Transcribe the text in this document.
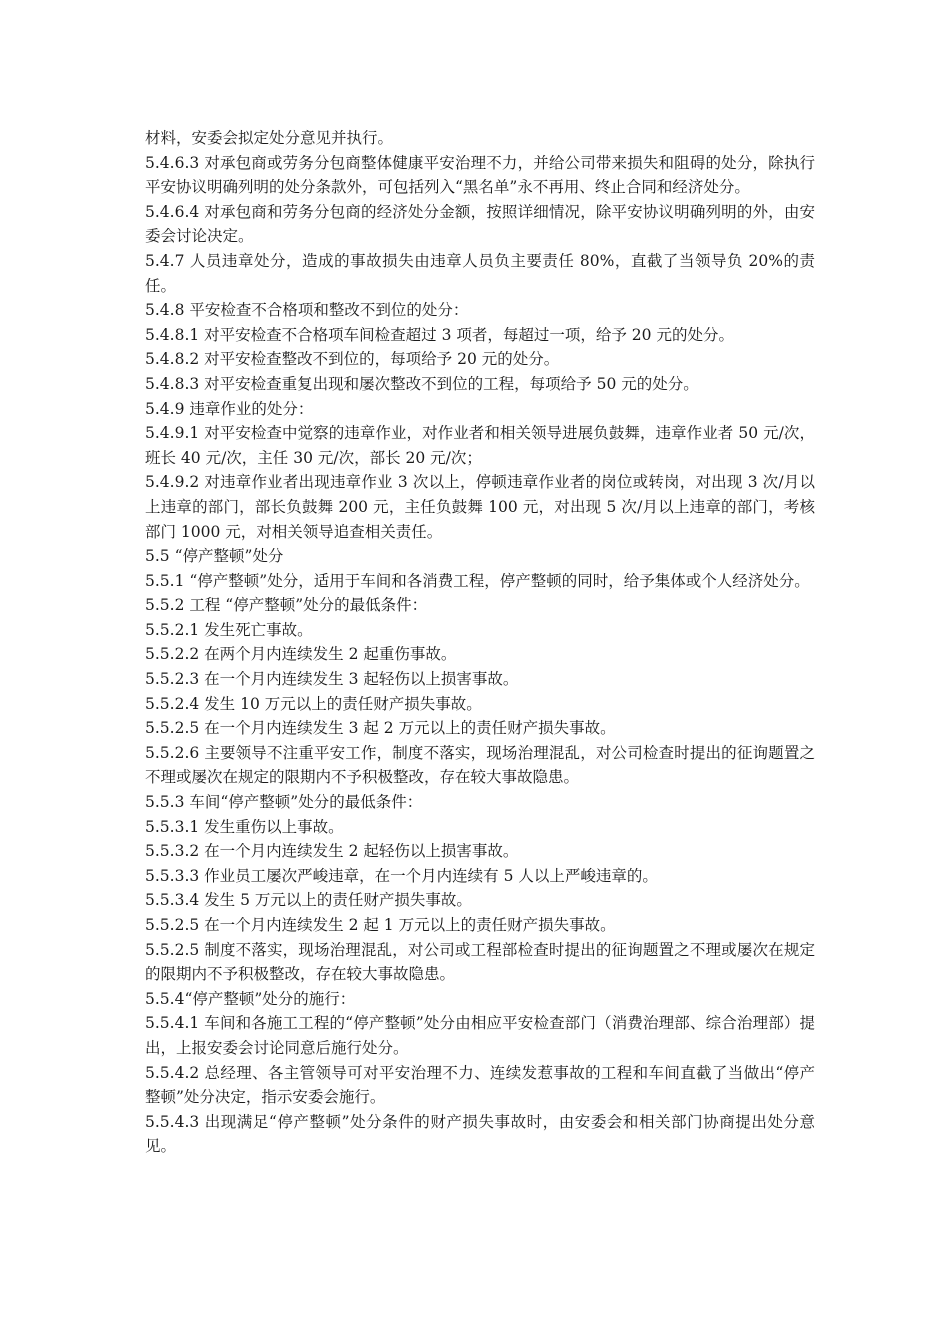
材料，安委会拟定处分意见并执行。

5.4.6.3 对承包商或劳务分包商整体健康平安治理不力，并给公司带来损失和阻碍的处分，除执行平安协议明确列明的处分条款外，可包括列入“黑名单”永不再用、终止合同和经济处分。

5.4.6.4 对承包商和劳务分包商的经济处分金额，按照详细情况，除平安协议明确列明的外，由安委会讨论决定。

5.4.7 人员违章处分，造成的事故损失由违章人员负主要责任 80%，直截了当领导负 20%的责任。

5.4.8 平安检查不合格项和整改不到位的处分：

5.4.8.1 对平安检查不合格项车间检查超过 3 项者，每超过一项，给予 20 元的处分。

5.4.8.2 对平安检查整改不到位的，每项给予 20 元的处分。

5.4.8.3 对平安检查重复出现和屡次整改不到位的工程，每项给予 50 元的处分。

5.4.9 违章作业的处分：

5.4.9.1 对平安检查中觉察的违章作业，对作业者和相关领导进展负鼓舞，违章作业者 50 元/次，班长 40 元/次，主任 30 元/次，部长 20 元/次；

5.4.9.2 对违章作业者出现违章作业 3 次以上，停顿违章作业者的岗位或转岗，对出现 3 次/月以上违章的部门，部长负鼓舞 200 元，主任负鼓舞 100 元，对出现 5 次/月以上违章的部门，考核部门 1000 元，对相关领导追查相关责任。

5.5 “停产整顿”处分

5.5.1 “停产整顿”处分，适用于车间和各消费工程，停产整顿的同时，给予集体或个人经济处分。

5.5.2 工程 “停产整顿”处分的最低条件：

5.5.2.1 发生死亡事故。

5.5.2.2 在两个月内连续发生 2 起重伤事故。

5.5.2.3 在一个月内连续发生 3 起轻伤以上损害事故。

5.5.2.4 发生 10 万元以上的责任财产损失事故。

5.5.2.5 在一个月内连续发生 3 起 2 万元以上的责任财产损失事故。

5.5.2.6 主要领导不注重平安工作，制度不落实，现场治理混乱，对公司检查时提出的征询题置之不理或屡次在规定的限期内不予积极整改，存在较大事故隐患。

5.5.3 车间“停产整顿”处分的最低条件：

5.5.3.1 发生重伤以上事故。

5.5.3.2 在一个月内连续发生 2 起轻伤以上损害事故。

5.5.3.3 作业员工屡次严峻违章，在一个月内连续有 5 人以上严峻违章的。

5.5.3.4 发生 5 万元以上的责任财产损失事故。

5.5.2.5 在一个月内连续发生 2 起 1 万元以上的责任财产损失事故。

5.5.2.5 制度不落实，现场治理混乱，对公司或工程部检查时提出的征询题置之不理或屡次在规定的限期内不予积极整改，存在较大事故隐患。

5.5.4“停产整顿”处分的施行：

5.5.4.1 车间和各施工工程的“停产整顿”处分由相应平安检查部门（消费治理部、综合治理部）提出，上报安委会讨论同意后施行处分。

5.5.4.2 总经理、各主管领导可对平安治理不力、连续发惹事故的工程和车间直截了当做出“停产整顿”处分决定，指示安委会施行。

5.5.4.3 出现满足“停产整顿”处分条件的财产损失事故时，由安委会和相关部门协商提出处分意见。
